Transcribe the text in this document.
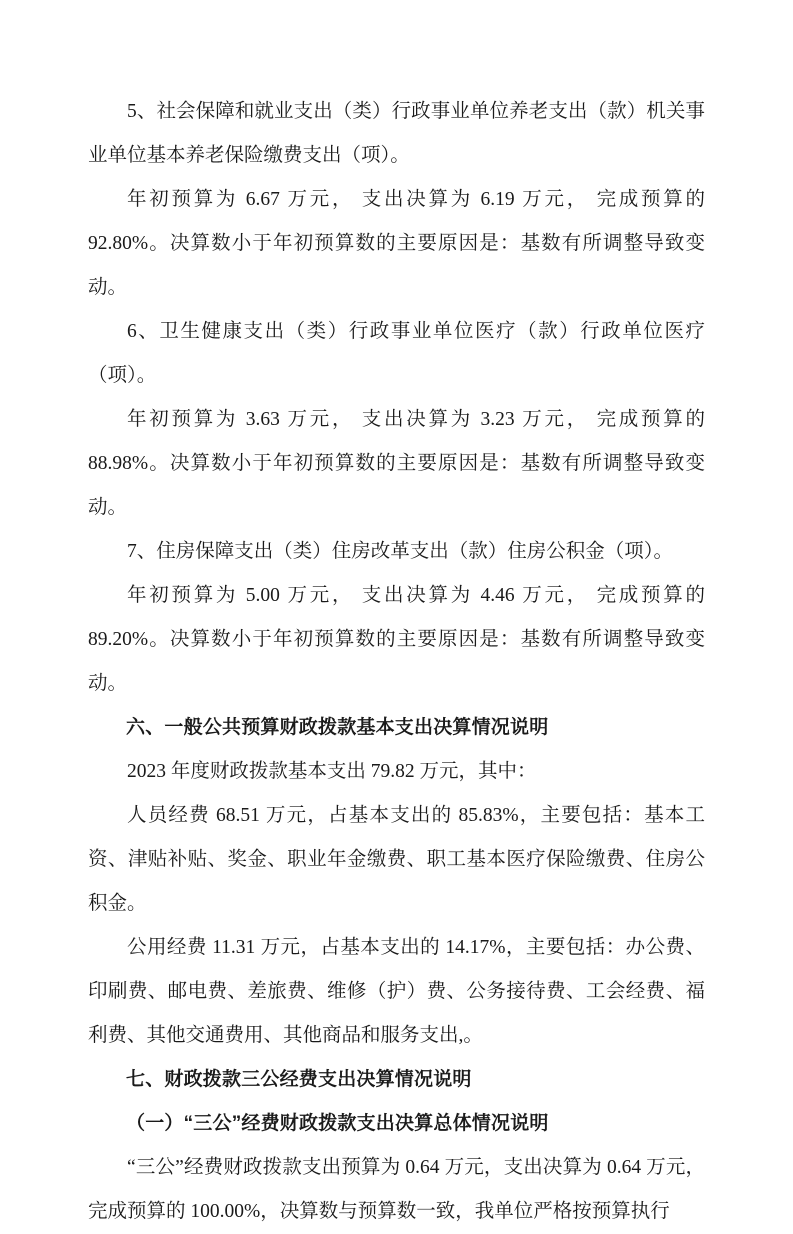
5、社会保障和就业支出（类）行政事业单位养老支出（款）机关事业单位基本养老保险缴费支出（项）。

年初预算为 6.67 万元， 支出决算为 6.19 万元， 完成预算的 92.80%。决算数小于年初预算数的主要原因是：基数有所调整导致变动。

6、卫生健康支出（类）行政事业单位医疗（款）行政单位医疗（项）。

年初预算为 3.63 万元， 支出决算为 3.23 万元， 完成预算的 88.98%。决算数小于年初预算数的主要原因是：基数有所调整导致变动。

7、住房保障支出（类）住房改革支出（款）住房公积金（项）。

年初预算为 5.00 万元， 支出决算为 4.46 万元， 完成预算的 89.20%。决算数小于年初预算数的主要原因是：基数有所调整导致变动。

六、一般公共预算财政拨款基本支出决算情况说明

2023 年度财政拨款基本支出 79.82 万元，其中：

人员经费 68.51 万元，占基本支出的 85.83%，主要包括：基本工资、津贴补贴、奖金、职业年金缴费、职工基本医疗保险缴费、住房公积金。

公用经费 11.31 万元，占基本支出的 14.17%，主要包括：办公费、印刷费、邮电费、差旅费、维修（护）费、公务接待费、工会经费、福利费、其他交通费用、其他商品和服务支出,。

七、财政拨款三公经费支出决算情况说明

（一）“三公”经费财政拨款支出决算总体情况说明

“三公”经费财政拨款支出预算为 0.64 万元，支出决算为 0.64 万元，完成预算的 100.00%，决算数与预算数一致，我单位严格按预算执行
